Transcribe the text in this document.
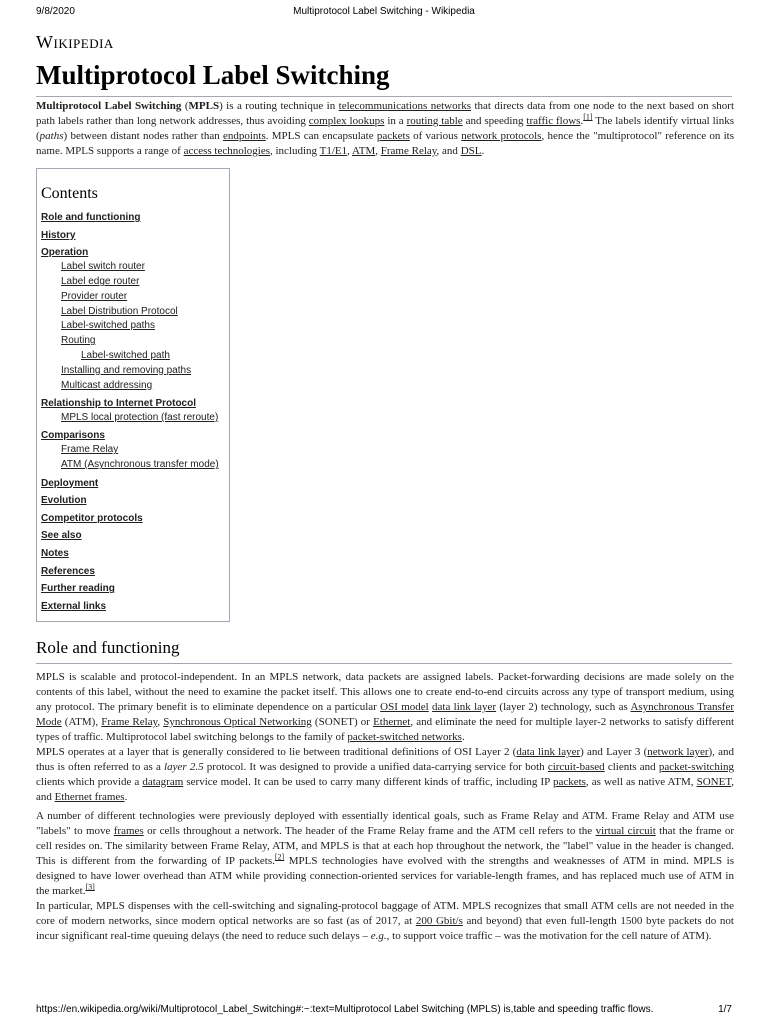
9/8/2020	Multiprotocol Label Switching - Wikipedia
Wikipedia
Multiprotocol Label Switching

Multiprotocol Label Switching (MPLS) is a routing technique in telecommunications networks that directs data from one node to the next based on short path labels rather than long network addresses, thus avoiding complex lookups in a routing table and speeding traffic flows.[1] The labels identify virtual links (paths) between distant nodes rather than endpoints. MPLS can encapsulate packets of various network protocols, hence the "multiprotocol" reference on its name. MPLS supports a range of access technologies, including T1/E1, ATM, Frame Relay, and DSL.

Contents
Role and functioning
History
Operation
Label switch router
Label edge router
Provider router
Label Distribution Protocol
Label-switched paths
Routing
Label-switched path
Installing and removing paths
Multicast addressing
Relationship to Internet Protocol
MPLS local protection (fast reroute)
Comparisons
Frame Relay
ATM (Asynchronous transfer mode)
Deployment
Evolution
Competitor protocols
See also
Notes
References
Further reading
External links
Role and functioning

MPLS is scalable and protocol-independent. In an MPLS network, data packets are assigned labels. Packet-forwarding decisions are made solely on the contents of this label, without the need to examine the packet itself. This allows one to create end-to-end circuits across any type of transport medium, using any protocol. The primary benefit is to eliminate dependence on a particular OSI model data link layer (layer 2) technology, such as Asynchronous Transfer Mode (ATM), Frame Relay, Synchronous Optical Networking (SONET) or Ethernet, and eliminate the need for multiple layer-2 networks to satisfy different types of traffic. Multiprotocol label switching belongs to the family of packet-switched networks.

MPLS operates at a layer that is generally considered to lie between traditional definitions of OSI Layer 2 (data link layer) and Layer 3 (network layer), and thus is often referred to as a layer 2.5 protocol. It was designed to provide a unified data-carrying service for both circuit-based clients and packet-switching clients which provide a datagram service model. It can be used to carry many different kinds of traffic, including IP packets, as well as native ATM, SONET, and Ethernet frames.

A number of different technologies were previously deployed with essentially identical goals, such as Frame Relay and ATM. Frame Relay and ATM use "labels" to move frames or cells throughout a network. The header of the Frame Relay frame and the ATM cell refers to the virtual circuit that the frame or cell resides on. The similarity between Frame Relay, ATM, and MPLS is that at each hop throughout the network, the "label" value in the header is changed. This is different from the forwarding of IP packets.[2] MPLS technologies have evolved with the strengths and weaknesses of ATM in mind. MPLS is designed to have lower overhead than ATM while providing connection-oriented services for variable-length frames, and has replaced much use of ATM in the market.[3]

In particular, MPLS dispenses with the cell-switching and signaling-protocol baggage of ATM. MPLS recognizes that small ATM cells are not needed in the core of modern networks, since modern optical networks are so fast (as of 2017, at 200 Gbit/s and beyond) that even full-length 1500 byte packets do not incur significant real-time queuing delays (the need to reduce such delays – e.g., to support voice traffic – was the motivation for the cell nature of ATM).

https://en.wikipedia.org/wiki/Multiprotocol_Label_Switching#:~:text=Multiprotocol Label Switching (MPLS) is,table and speeding traffic flows.	1/7
